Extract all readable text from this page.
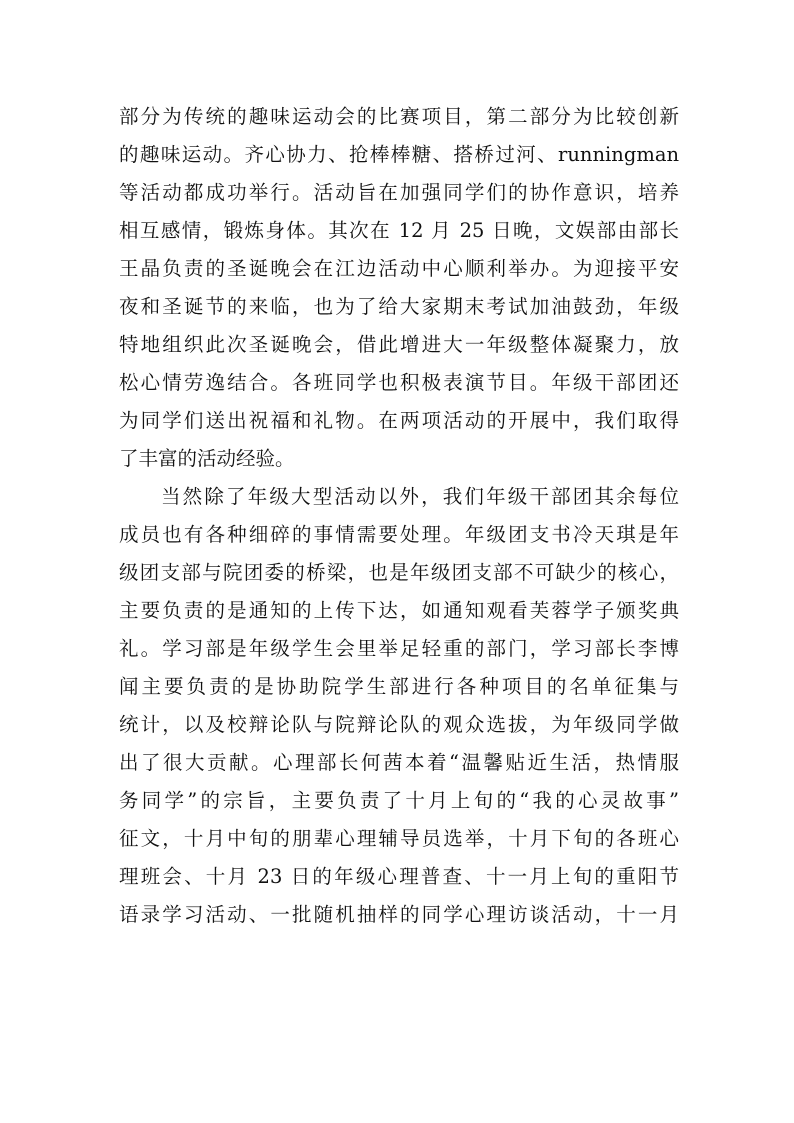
部分为传统的趣味运动会的比赛项目，第二部分为比较创新
的趣味运动。齐心协力、抢棒棒糖、搭桥过河、runningman
等活动都成功举行。活动旨在加强同学们的协作意识，培养
相互感情，锻炼身体。其次在 12 月 25 日晚，文娱部由部长
王晶负责的圣诞晚会在江边活动中心顺利举办。为迎接平安
夜和圣诞节的来临，也为了给大家期末考试加油鼓劲，年级
特地组织此次圣诞晚会，借此增进大一年级整体凝聚力，放
松心情劳逸结合。各班同学也积极表演节目。年级干部团还
为同学们送出祝福和礼物。在两项活动的开展中，我们取得
了丰富的活动经验。
当然除了年级大型活动以外，我们年级干部团其余每位
成员也有各种细碎的事情需要处理。年级团支书冷天琪是年
级团支部与院团委的桥梁，也是年级团支部不可缺少的核心，
主要负责的是通知的上传下达，如通知观看芙蓉学子颁奖典
礼。学习部是年级学生会里举足轻重的部门，学习部长李博
闻主要负责的是协助院学生部进行各种项目的名单征集与
统计，以及校辩论队与院辩论队的观众选拔，为年级同学做
出了很大贡献。心理部长何茜本着“温馨贴近生活，热情服
务同学”的宗旨，主要负责了十月上旬的“我的心灵故事”
征文，十月中旬的朋辈心理辅导员选举，十月下旬的各班心
理班会、十月 23 日的年级心理普查、十一月上旬的重阳节
语录学习活动、一批随机抽样的同学心理访谈活动，十一月
